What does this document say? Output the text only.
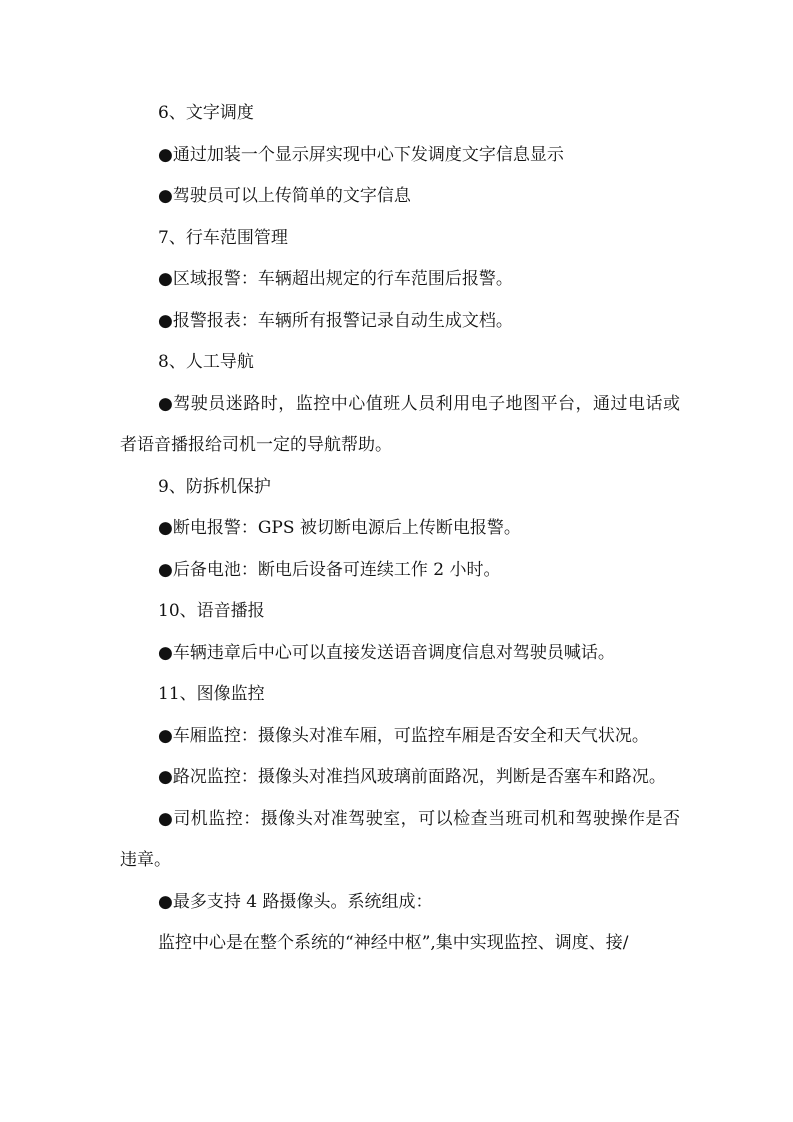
6、文字调度

●通过加装一个显示屏实现中心下发调度文字信息显示

●驾驶员可以上传简单的文字信息

7、行车范围管理

●区域报警：车辆超出规定的行车范围后报警。

●报警报表：车辆所有报警记录自动生成文档。

8、人工导航

●驾驶员迷路时，监控中心值班人员利用电子地图平台，通过电话或者语音播报给司机一定的导航帮助。

9、防拆机保护

●断电报警：GPS 被切断电源后上传断电报警。

●后备电池：断电后设备可连续工作 2 小时。

10、语音播报

●车辆违章后中心可以直接发送语音调度信息对驾驶员喊话。

11、图像监控

●车厢监控：摄像头对准车厢，可监控车厢是否安全和天气状况。

●路况监控：摄像头对准挡风玻璃前面路况，判断是否塞车和路况。

●司机监控：摄像头对准驾驶室，可以检查当班司机和驾驶操作是否违章。

●最多支持 4 路摄像头。系统组成：

监控中心是在整个系统的“神经中枢”,集中实现监控、调度、接/
